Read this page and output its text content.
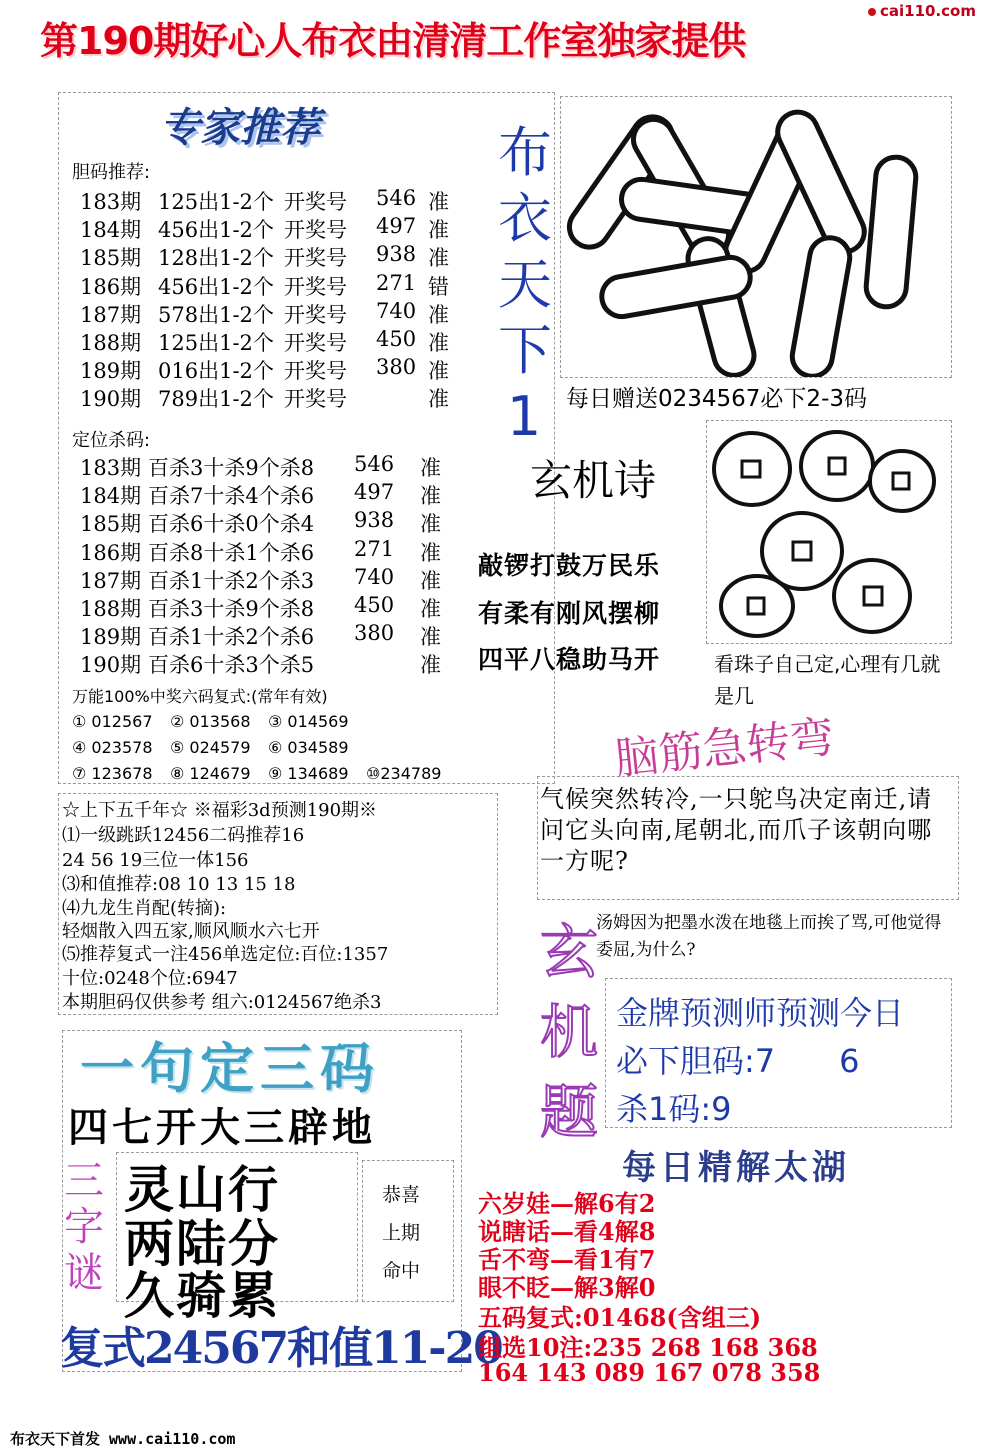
cai110.com
第190期好心人布衣由清清工作室独家提供
专家推荐
胆码推荐:
183期 125出1-2个 开奖号 546 准
184期 456出1-2个 开奖号 497 准
185期 128出1-2个 开奖号 938 准
186期 456出1-2个 开奖号 271 错
187期 578出1-2个 开奖号 740 准
188期 125出1-2个 开奖号 450 准
189期 016出1-2个 开奖号 380 准
190期 789出1-2个 开奖号	准
定位杀码:
183期 百杀3十杀9个杀8 546 准
184期 百杀7十杀4个杀6 497 准
185期 百杀6十杀0个杀4 938 准
186期 百杀8十杀1个杀6 271 准
187期 百杀1十杀2个杀3 740 准
188期 百杀3十杀9个杀8 450 准
189期 百杀1十杀2个杀6 380 准
190期 百杀6十杀3个杀5	准
万能100%中奖六码复式:(常年有效)
① 012567 ② 013568 ③ 014569
④ 023578 ⑤ 024579 ⑥ 034589
⑦ 123678 ⑧ 124679 ⑨ 134689 ⑩234789
☆上下五千年☆ ※福彩3d预测190期※
⑴一级跳跃12456二码推荐16
24 56 19三位一体156
⑶和值推荐:08 10 13 15 18
⑷九龙生肖配(转摘):
轻烟散入四五家,顺风顺水六七开
⑸推荐复式一注456单选定位:百位:1357
十位:0248个位:6947
本期胆码仅供参考 组六:0124567绝杀3
一句定三码
四七开大三辟地
三字谜
灵山行
两陆分
久骑累
恭喜
上期
命中
复式24567和值11-20
布衣天下首发 www.cai110.com
布
衣
天
下
1	每日赠送0234567必下2-3码
玄机诗
敲锣打鼓万民乐
有柔有刚风摆柳
四平八稳助马开	看珠子自己定,心理有几就是几
脑筋急转弯
气候突然转冷,一只鸵鸟决定南迁,请问它头向南,尾朝北,而爪子该朝向哪一方呢?
玄
机
题
汤姆因为把墨水泼在地毯上而挨了骂,可他觉得委屈,为什么?
金牌预测师预测今日
必下胆码:7　　6
杀1码:9
每日精解太湖
六岁娃—解6有2
说瞎话—看4解8
舌不弯—看1有7
眼不眨—解3解0
五码复式:01468(含组三)
组选10注:235 268 168 368
164 143 089 167 078 358
